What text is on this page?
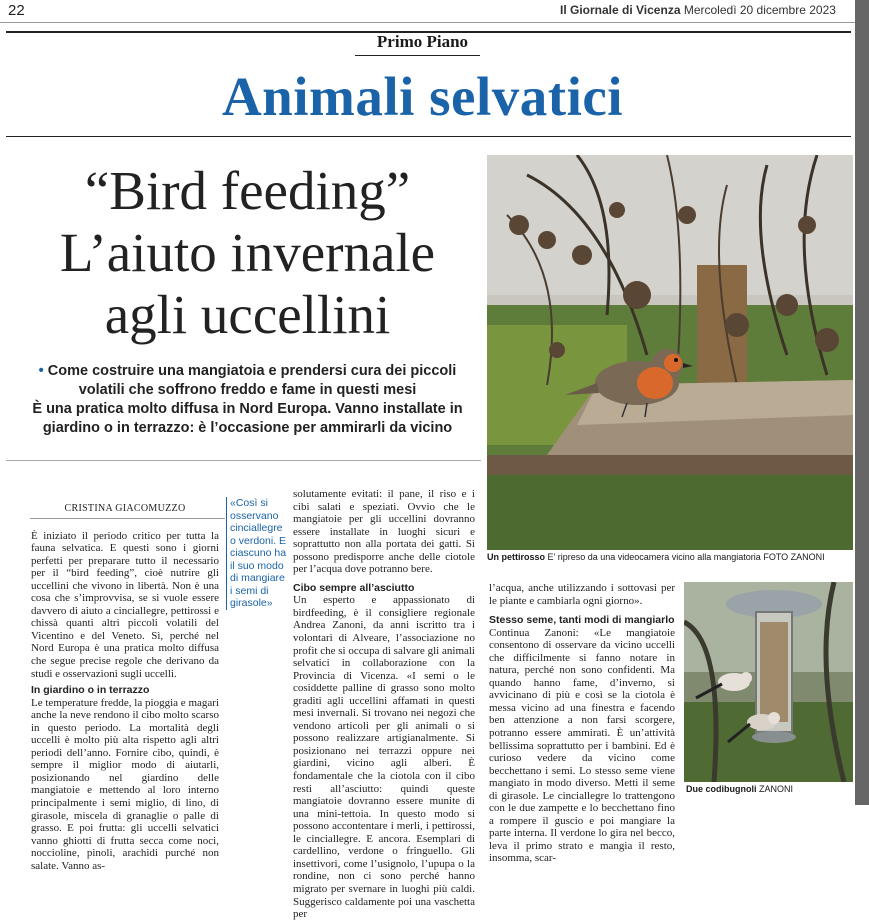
22	Il Giornale di Vicenza Mercoledì 20 dicembre 2023
Primo Piano
Animali selvatici
“Bird feeding”
L’aiuto invernale
agli uccellini
• Come costruire una mangiatoia e prendersi cura dei piccoli
volatili che soffrono freddo e fame in questi mesi
È una pratica molto diffusa in Nord Europa. Vanno installate in
giardino o in terrazzo: è l’occasione per ammirarli da vicino
Un pettirosso E’ ripreso da una videocamera vicino alla mangiatoria FOTO ZANONI
Due codibugnoli ZANONI

CRISTINA GIACOMUZZO

È iniziato il periodo critico per tutta la fauna selvatica. E questi sono i giorni perfetti per preparare tutto il necessario per il “bird feeding”, cioè nutrire gli uccellini che vivono in libertà. Non è una cosa che s’improvvisa, se si vuole essere davvero di aiuto a cinciallegre, pettirossi e chissà quanti altri piccoli volatili del Vicentino e del Veneto. Sì, perché nel Nord Europa è una pratica molto diffusa che segue precise regole che derivano da studi e osservazioni sugli uccelli.

In giardino o in terrazzo

Le temperature fredde, la pioggia e magari anche la neve rendono il cibo molto scarso in questo periodo. La mortalità degli uccelli è molto più alta rispetto agli altri periodi dell’anno. Fornire cibo, quindi, è sempre il miglior modo di aiutarli, posizionando nel giardino delle mangiatoie e mettendo al loro interno principalmente i semi miglio, di lino, di girasole, miscela di granaglie o palle di grasso. E poi frutta: gli uccelli selvatici vanno ghiotti di frutta secca come noci, noccioline, pinoli, arachidi purché non salate. Vanno as-

«Così si osservano cinciallegre o verdoni. E ciascuno ha il suo modo di mangiare i semi di girasole»

solutamente evitati: il pane, il riso e i cibi salati e speziati. Ovvio che le mangiatoie per gli uccellini dovranno essere installate in luoghi sicuri e soprattutto non alla portata dei gatti. Si possono predisporre anche delle ciotole per l’acqua dove potranno bere.

Cibo sempre all’asciutto

Un esperto e appassionato di birdfeeding, è il consigliere regionale Andrea Zanoni, da anni iscritto tra i volontari di Alveare, l’associazione no profit che si occupa di salvare gli animali selvatici in collaborazione con la Provincia di Vicenza. «I semi o le cosiddette palline di grasso sono molto graditi agli uccellini affamati in questi mesi invernali. Si trovano nei negozi che vendono articoli per gli animali o si possono realizzare artigianalmente. Si posizionano nei terrazzi oppure nei giardini, vicino agli alberi. È fondamentale che la ciotola con il cibo resti all’asciutto: quindi queste mangiatoie dovranno essere munite di una mini-tettoia. In questo modo si possono accontentare i merli, i pettirossi, le cinciallegre. E ancora. Esemplari di cardellino, verdone o fringuello. Gli insettivori, come l’usignolo, l’upupa o la rondine, non ci sono perché hanno migrato per svernare in luoghi più caldi. Suggerisco caldamente poi una vaschetta per

l’acqua, anche utilizzando i sottovasi per le piante e cambiarla ogni giorno».

Stesso seme, tanti modi di mangiarlo

Continua Zanoni: «Le mangiatoie consentono di osservare da vicino uccelli che difficilmente si fanno notare in natura, perché non sono confidenti. Ma quando hanno fame, d’inverno, si avvicinano di più e così se la ciotola è messa vicino ad una finestra e facendo ben attenzione a non farsi scorgere, potranno essere ammirati. È un’attività bellissima soprattutto per i bambini. Ed è curioso vedere da vicino come becchettano i semi. Lo stesso seme viene mangiato in modo diverso. Metti il seme di girasole. Le cinciallegre lo trattengono con le due zampette e lo becchettano fino a rompere il guscio e poi mangiare la parte interna. Il verdone lo gira nel becco, leva il primo strato e mangia il resto, insomma, scar-
